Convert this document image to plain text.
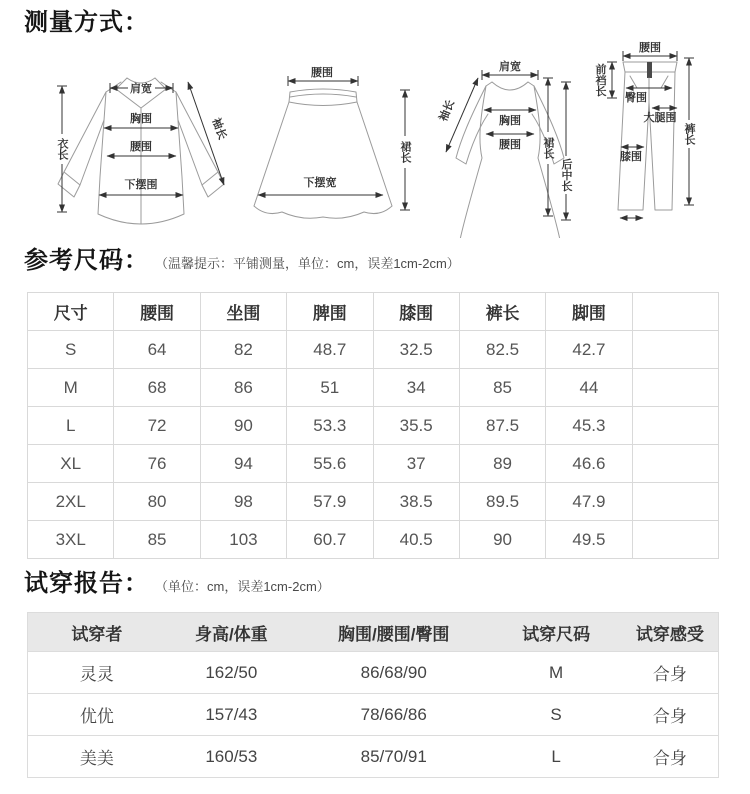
测量方式：
肩宽
衣长
袖长
胸围
腰围
下摆围
腰围
下摆宽
裙长
肩宽
袖长	胸围
腰围 裙长
后中长
腰围
前裆长
臀围
大腿围
膝围
裤长
参考尺码： （温馨提示：平铺测量，单位：cm，误差1cm-2cm）
尺寸	腰围	坐围	脾围	膝围	裤长	脚围	
S	64	82	48.7	32.5	82.5	42.7	
M	68	86	51	34	85	44	
L	72	90	53.3	35.5	87.5	45.3	
XL	76	94	55.6	37	89	46.6	
2XL	80	98	57.9	38.5	89.5	47.9	
3XL	85	103	60.7	40.5	90	49.5	
试穿报告： （单位：cm，误差1cm-2cm）
试穿者	身高/体重	胸围/腰围/臀围	试穿尺码	试穿感受
灵灵	162/50	86/68/90	M	合身
优优	157/43	78/66/86	S	合身
美美	160/53	85/70/91	L	合身
